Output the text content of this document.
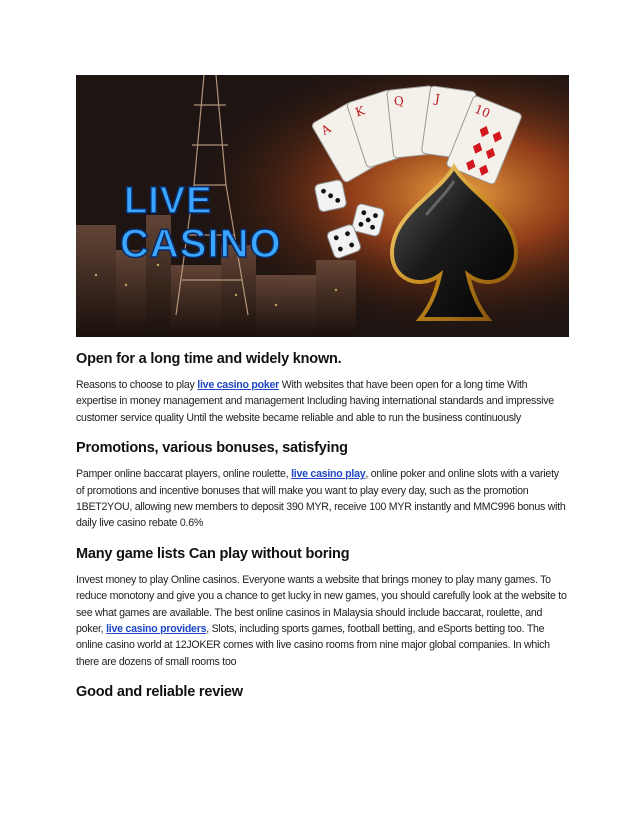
A
K
Q J
10
LIVE
CASINO
Open for a long time and widely known.

Reasons to choose to play live casino poker With websites that have been open for a long time With expertise in money management and management Including having international standards and impressive customer service quality Until the website became reliable and able to run the business continuously

Promotions, various bonuses, satisfying

Pamper online baccarat players, online roulette, live casino play, online poker and online slots with a variety of promotions and incentive bonuses that will make you want to play every day, such as the promotion 1BET2YOU, allowing new members to deposit 390 MYR, receive 100 MYR instantly and MMC996 bonus with daily live casino rebate 0.6%

Many game lists Can play without boring

Invest money to play Online casinos. Everyone wants a website that brings money to play many games. To reduce monotony and give you a chance to get lucky in new games, you should carefully look at the website to see what games are available. The best online casinos in Malaysia should include baccarat, roulette, and poker, live casino providers, Slots, including sports games, football betting, and eSports betting too. The online casino world at 12JOKER comes with live casino rooms from nine major global companies. In which there are dozens of small rooms too

Good and reliable review
